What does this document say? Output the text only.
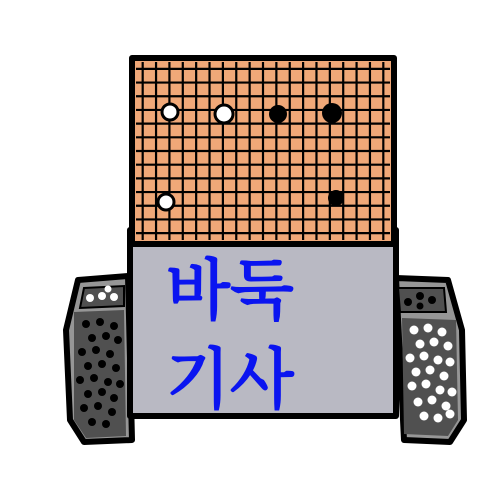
바둑
기사
